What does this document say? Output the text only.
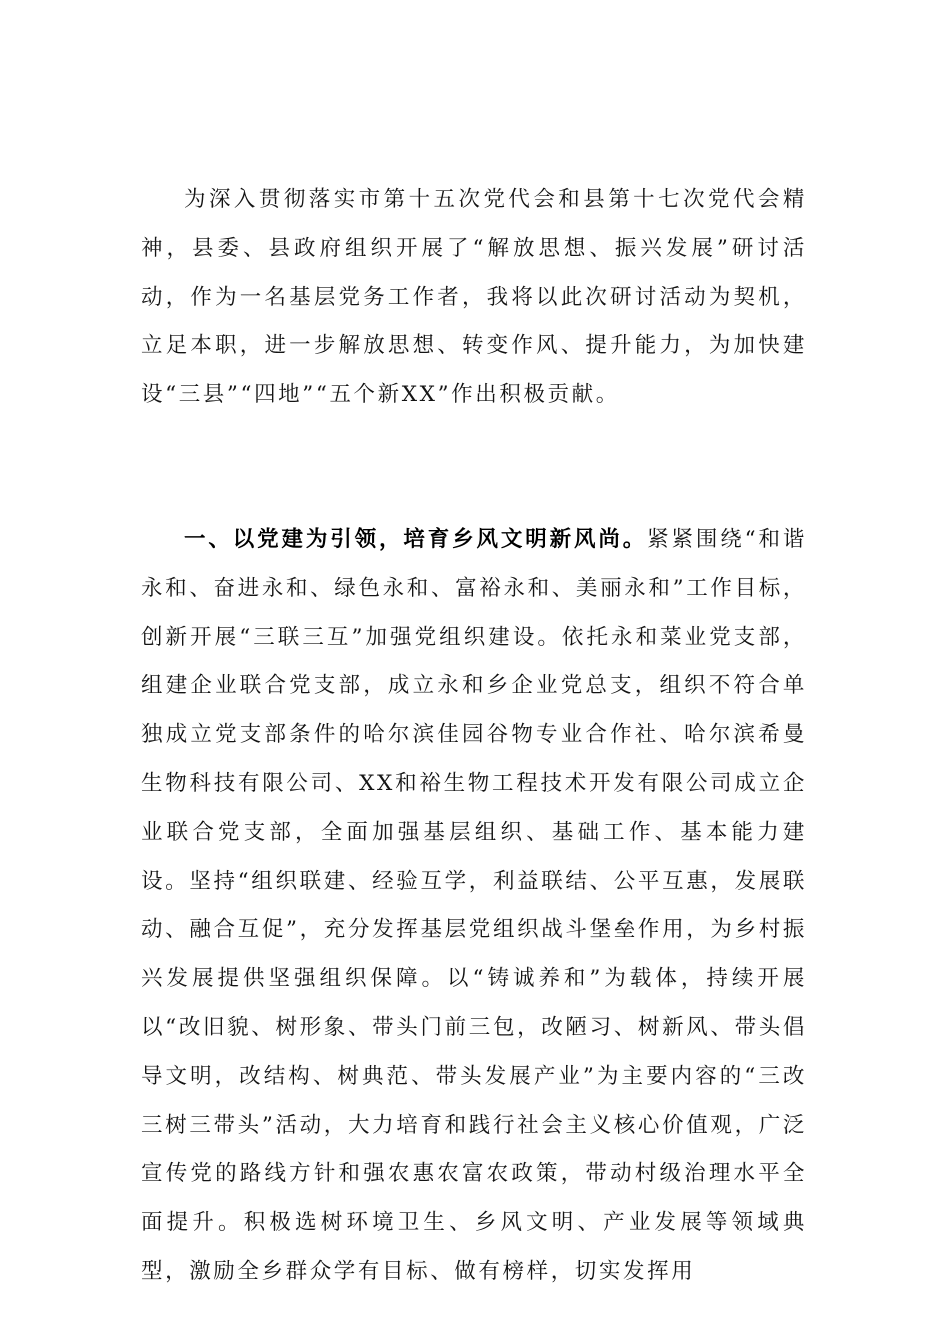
为深入贯彻落实市第十五次党代会和县第十七次党代会精神，县委、县政府组织开展了“解放思想、振兴发展”研讨活动，作为一名基层党务工作者，我将以此次研讨活动为契机，立足本职，进一步解放思想、转变作风、提升能力，为加快建设“三县”“四地”“五个新XX”作出积极贡献。

一、以党建为引领，培育乡风文明新风尚。紧紧围绕“和谐永和、奋进永和、绿色永和、富裕永和、美丽永和”工作目标，创新开展“三联三互”加强党组织建设。依托永和菜业党支部，组建企业联合党支部，成立永和乡企业党总支，组织不符合单独成立党支部条件的哈尔滨佳园谷物专业合作社、哈尔滨希曼生物科技有限公司、XX和裕生物工程技术开发有限公司成立企业联合党支部，全面加强基层组织、基础工作、基本能力建设。坚持“组织联建、经验互学，利益联结、公平互惠，发展联动、融合互促”，充分发挥基层党组织战斗堡垒作用，为乡村振兴发展提供坚强组织保障。以“铸诚养和”为载体，持续开展以“改旧貌、树形象、带头门前三包，改陋习、树新风、带头倡导文明，改结构、树典范、带头发展产业”为主要内容的“三改三树三带头”活动，大力培育和践行社会主义核心价值观，广泛宣传党的路线方针和强农惠农富农政策，带动村级治理水平全面提升。积极选树环境卫生、乡风文明、产业发展等领域典型，激励全乡群众学有目标、做有榜样，切实发挥用
